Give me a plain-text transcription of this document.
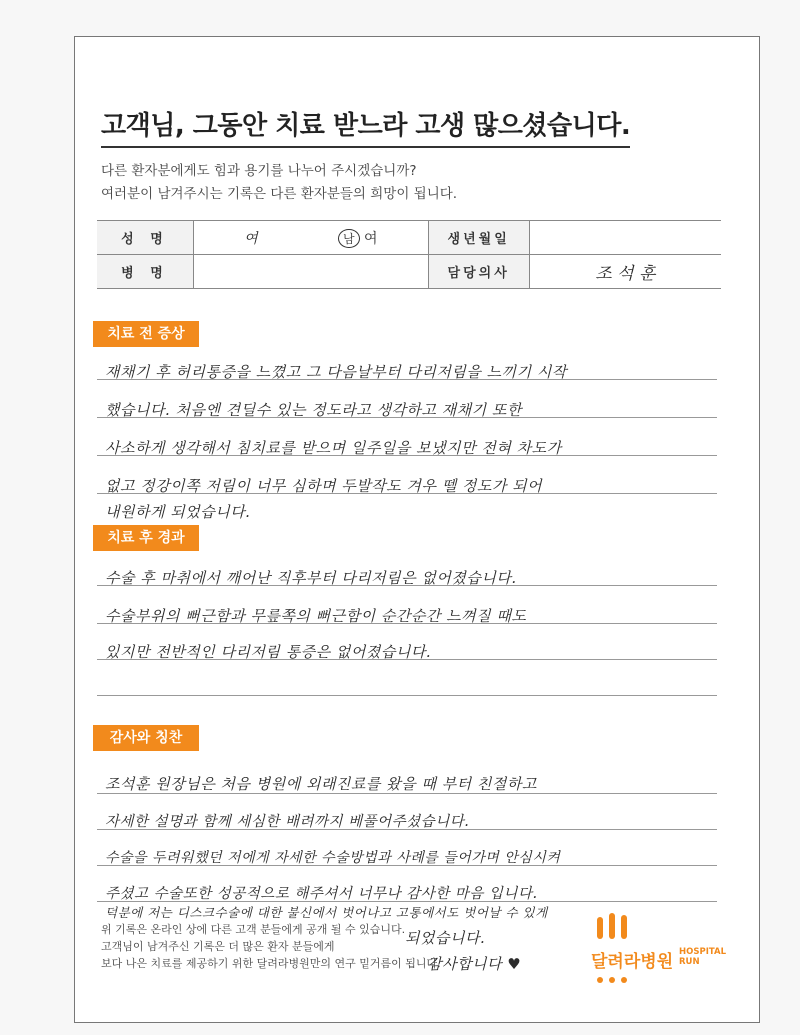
고객님, 그동안 치료 받느라 고생 많으셨습니다.
다른 환자분에게도 힘과 용기를 나누어 주시겠습니까?
여러분이 남겨주시는 기록은 다른 환자분들의 희망이 됩니다.
성 명	여 남 여	생년월일	
병 명		담당의사	조 석 훈
치료 전 증상
재채기 후 허리통증을 느꼈고 그 다음날부터 다리저림을 느끼기 시작
했습니다. 처음엔 견딜수 있는 정도라고 생각하고 재채기 또한
사소하게 생각해서 침치료를 받으며 일주일을 보냈지만 전혀 차도가
없고 정강이쪽 저림이 너무 심하며 두발작도 겨우 뗄 정도가 되어
내원하게 되었습니다.
치료 후 경과
수술 후 마취에서 깨어난 직후부터 다리저림은 없어졌습니다.
수술부위의 뻐근함과 무릎쪽의 뻐근함이 순간순간 느껴질 때도
있지만 전반적인 다리저림 통증은 없어졌습니다.
감사와 칭찬
조석훈 원장님은 처음 병원에 외래진료를 왔을 때 부터 친절하고
자세한 설명과 함께 세심한 배려까지 베풀어주셨습니다.
수술을 두려워했던 저에게 자세한 수술방법과 사례를 들어가며 안심시켜
주셨고 수술또한 성공적으로 해주셔서 너무나 감사한 마음 입니다.
덕분에 저는 디스크수술에 대한 불신에서 벗어나고 고통에서도 벗어날 수 있게
되었습니다.
감사합니다 ♥
위 기록은 온라인 상에 다른 고객 분들에게 공개 될 수 있습니다.
고객님이 남겨주신 기록은 더 많은 환자 분들에게
보다 나은 치료를 제공하기 위한 달려라병원만의 연구 밑거름이 됩니다.	달려라병원 HOSPITAL
RUN
